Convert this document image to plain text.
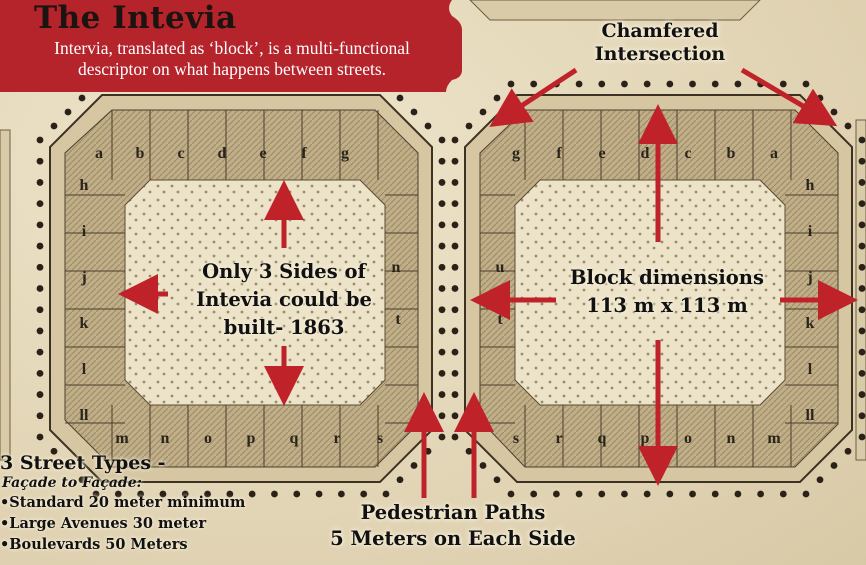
a b c d e f g
h
i
j
k
l
ll
m n o p q r s
n
t
g f e d c b a
h
i
j
k
l
ll
s r q p o n m
u
t
The Intevia
Intervia, translated as ‘block’, is a multi-functional
descriptor on what happens between streets.
Chamfered
Intersection
Only 3 Sides of
Intevia could be
built- 1863
Block dimensions
113 m x 113 m
Pedestrian Paths
5 Meters on Each Side
3 Street Types -
Façade to Façade:
• Standard 20 meter minimum
• Large Avenues 30 meter
• Boulevards 50 Meters
